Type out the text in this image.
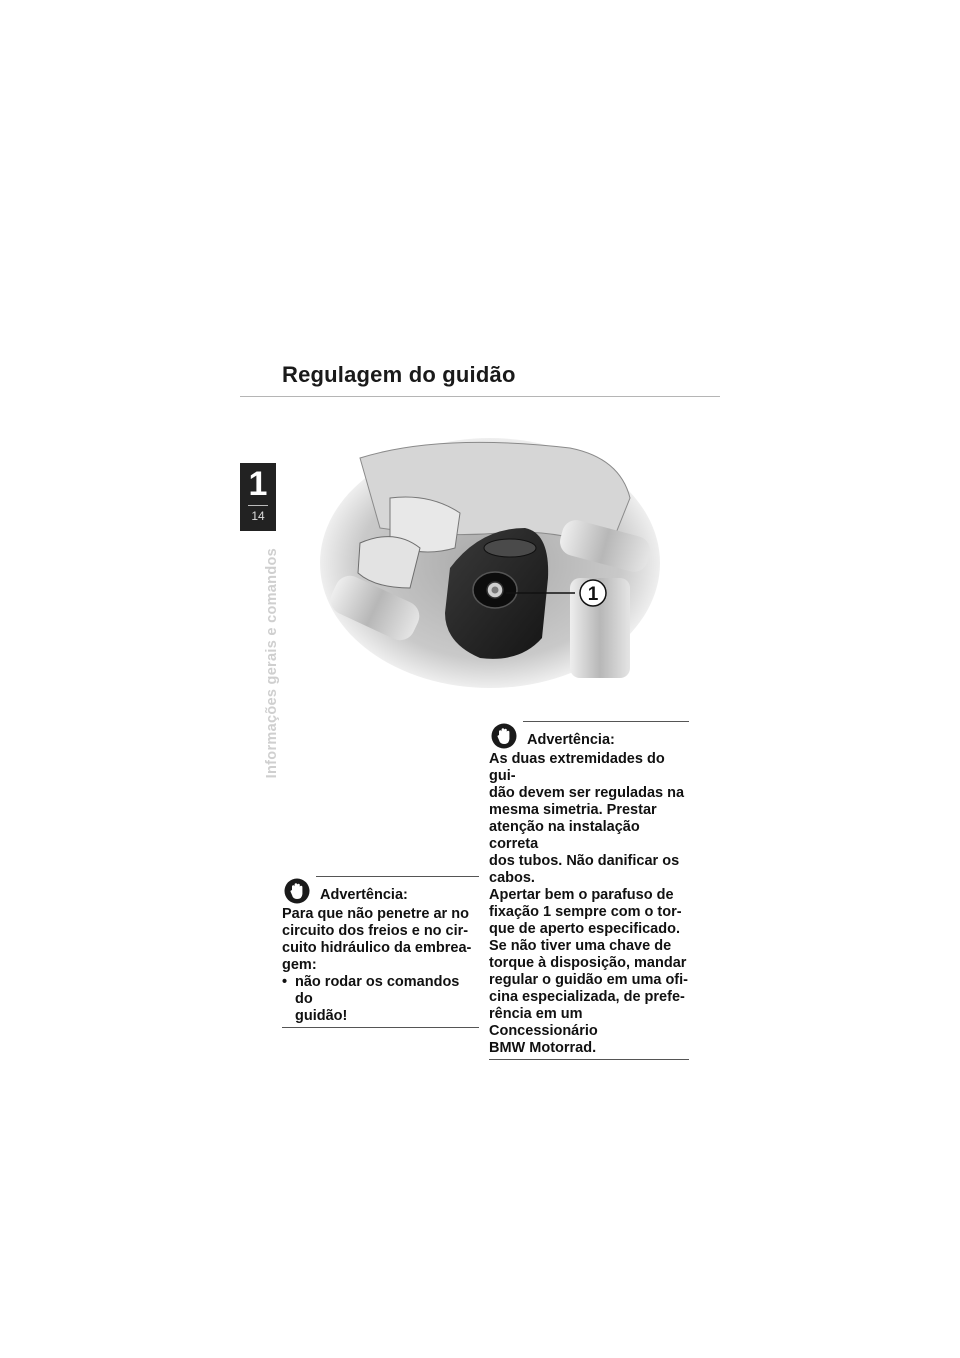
Regulagem do guidão
1
14
Informações gerais e comandos	1
Advertência:
Para que não penetre ar no
circuito dos freios e no cir-
cuito hidráulico da embrea-
gem:
• não rodar os comandos do
guidão!
Advertência:
As duas extremidades do gui-
dão devem ser reguladas na
mesma simetria. Prestar
atenção na instalação correta
dos tubos. Não danificar os
cabos.
Apertar bem o parafuso de
fixação 1 sempre com o tor-
que de aperto especificado.
Se não tiver uma chave de
torque à disposição, mandar
regular o guidão em uma ofi-
cina especializada, de prefe-
rência em um Concessionário
BMW Motorrad.
